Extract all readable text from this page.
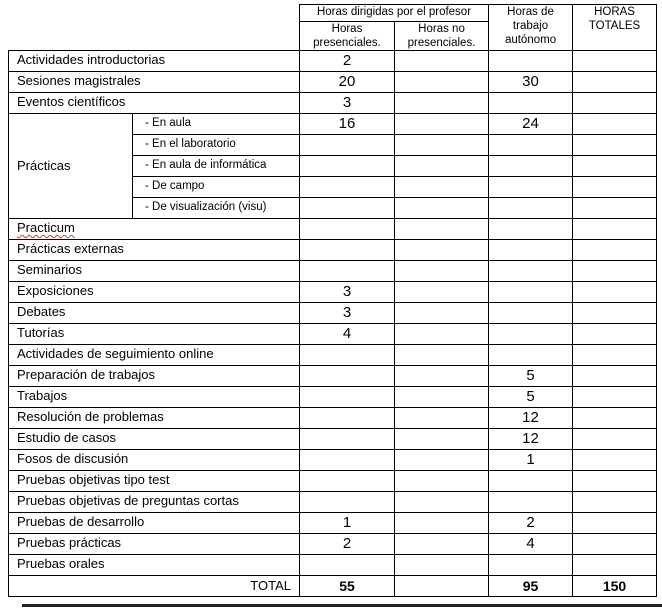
		Horas dirigidas por el profesor		Horas de trabajo autónomo	HORAS TOTALES
		Horas presenciales.	Horas no presenciales.		
Actividades introductorias		2			
Sesiones magistrales		20		30	
Eventos científicos		3			
Prácticas	- En aula	16		24	
	- En el laboratorio				
	- En aula de informática				
	- De campo				
	- De visualización (visu)				
Practicum					
Prácticas externas					
Seminarios					
Exposiciones		3			
Debates		3			
Tutorías		4			
Actividades de seguimiento online					
Preparación de trabajos				5	
Trabajos				5	
Resolución de problemas				12	
Estudio de casos				12	
Fosos de discusión				1	
Pruebas objetivas tipo test					
Pruebas objetivas de preguntas cortas					
Pruebas de desarrollo		1		2	
Pruebas prácticas		2		4	
Pruebas orales					
TOTAL		55		95	150
